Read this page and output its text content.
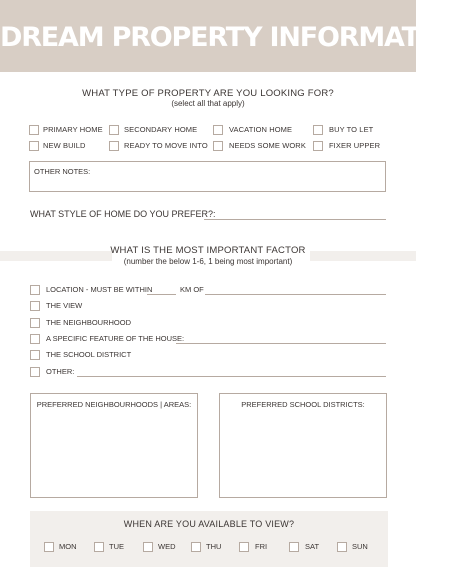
DREAM PROPERTY INFORMATION
WHAT TYPE OF PROPERTY ARE YOU LOOKING FOR?
(select all that apply)
PRIMARY HOME	SECONDARY HOME	VACATION HOME	BUY TO LET
NEW BUILD	READY TO MOVE INTO	NEEDS SOME WORK	FIXER UPPER
OTHER NOTES:
WHAT STYLE OF HOME DO YOU PREFER?:
WHAT IS THE MOST IMPORTANT FACTOR
(number the below 1-6, 1 being most important)
LOCATION - MUST BE WITHIN	KM OF
THE VIEW
THE NEIGHBOURHOOD
A SPECIFIC FEATURE OF THE HOUSE:
THE SCHOOL DISTRICT
OTHER:
PREFERRED NEIGHBOURHOODS | AREAS:	PREFERRED SCHOOL DISTRICTS:
WHEN ARE YOU AVAILABLE TO VIEW?
MON	TUE	WED	THU	FRI	SAT	SUN
